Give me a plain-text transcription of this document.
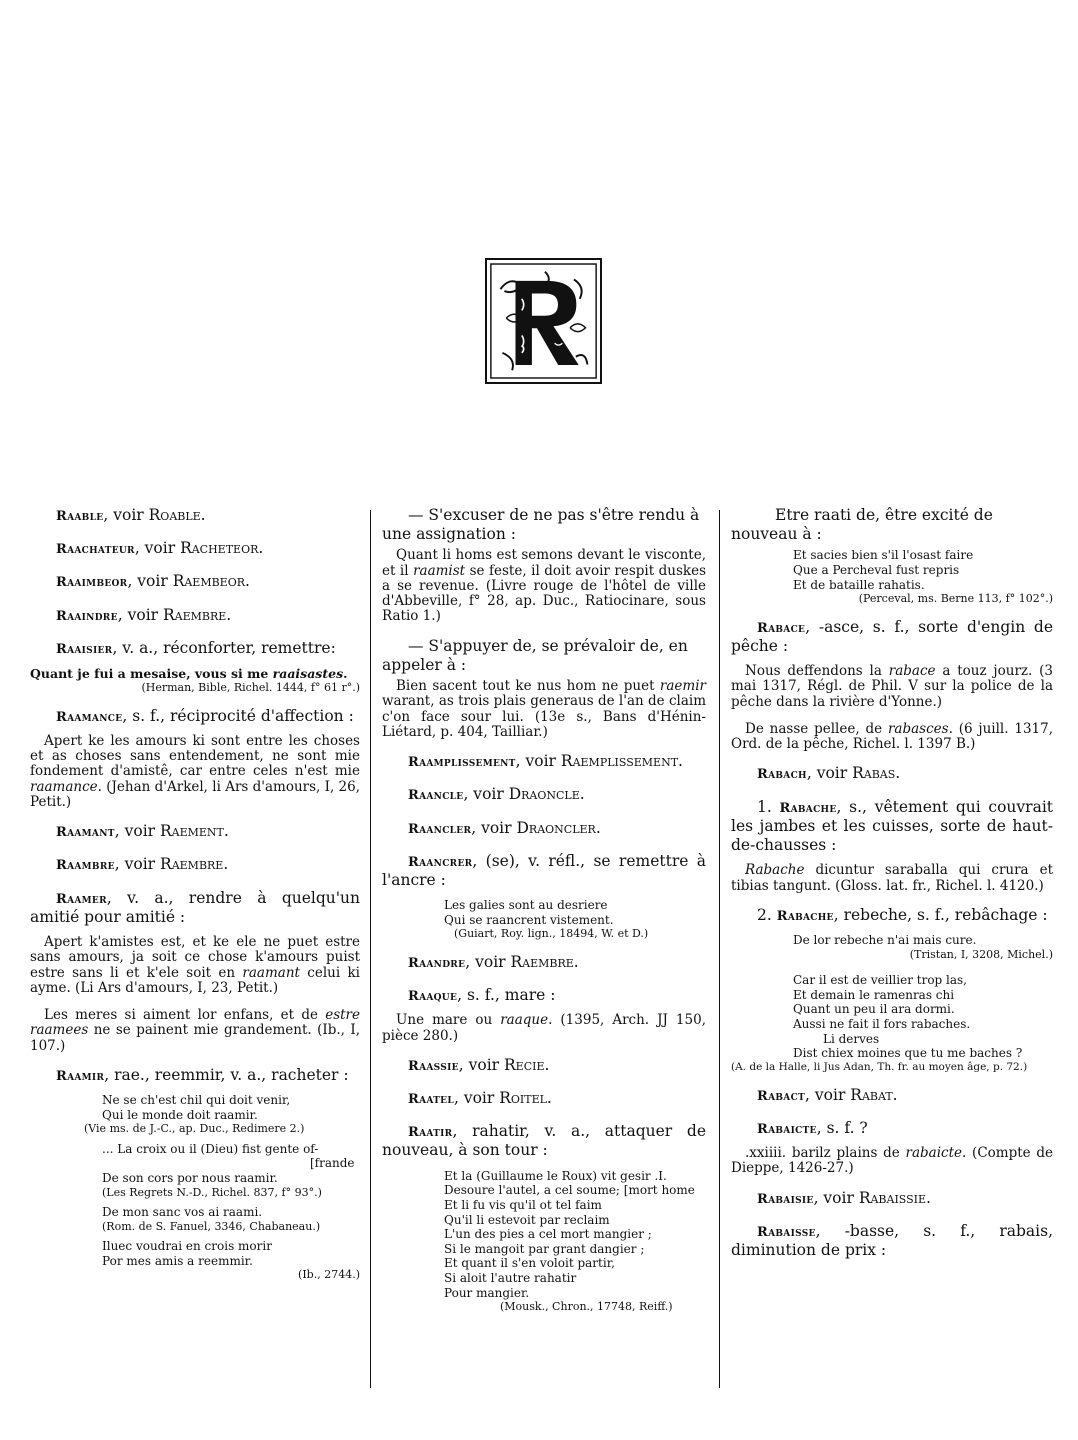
Raable, voir Roable.

Raachateur, voir Racheteor.

Raaimbeor, voir Raembeor.

Raaindre, voir Raembre.

Raaisier, v. a., réconforter, remettre:

Quant je fui a mesaise, vous si me raaisastes.
(Herman, Bible, Richel. 1444, f° 61 r°.)

Raamance, s. f., réciprocité d'affection :

Apert ke les amours ki sont entre les choses et as choses sans entendement, ne sont mie fondement d'amistê, car entre celes n'est mie raamance. (Jehan d'Arkel, li Ars d'amours, I, 26, Petit.)

Raamant, voir Raement.

Raambre, voir Raembre.

Raamer, v. a., rendre à quelqu'un amitié pour amitié :

Apert k'amistes est, et ke ele ne puet estre sans amours, ja soit ce chose k'amours puist estre sans li et k'ele soit en raamant celui ki ayme. (Li Ars d'amours, I, 23, Petit.)

Les meres si aiment lor enfans, et de estre raamees ne se painent mie grandement. (Ib., I, 107.)

Raamir, rae., reemmir, v. a., racheter :

Ne se ch'est chil qui doit venir,
Qui le monde doit raamir.
(Vie ms. de J.-C., ap. Duc., Redimere 2.)
... La croix ou il (Dieu) fist gente of-
[frande
De son cors por nous raamir.
(Les Regrets N.-D., Richel. 837, f° 93°.)
De mon sanc vos ai raami.
(Rom. de S. Fanuel, 3346, Chabaneau.)
Iluec voudrai en crois morir
Por mes amis a reemmir.
(Ib., 2744.)

— S'excuser de ne pas s'être rendu à une assignation :

Quant li homs est semons devant le visconte, et il raamist se feste, il doit avoir respit duskes a se revenue. (Livre rouge de l'hôtel de ville d'Abbeville, f° 28, ap. Duc., Ratiocinare, sous Ratio 1.)

— S'appuyer de, se prévaloir de, en appeler à :

Bien sacent tout ke nus hom ne puet raemir warant, as trois plais generaus de l'an de claim c'on face sour lui. (13e s., Bans d'Hénin-Liétard, p. 404, Tailliar.)

Raamplissement, voir Raemplissement.

Raancle, voir Draoncle.

Raancler, voir Draoncler.

Raancrer, (se), v. réfl., se remettre à l'ancre :

Les galies sont au desriere
Qui se raancrent vistement.
(Guiart, Roy. lign., 18494, W. et D.)

Raandre, voir Raembre.

Raaque, s. f., mare :

Une mare ou raaque. (1395, Arch. JJ 150, pièce 280.)

Raassie, voir Recie.

Raatel, voir Roitel.

Raatir, rahatir, v. a., attaquer de nouveau, à son tour :

Et la (Guillaume le Roux) vit gesir .I.
Desoure l'autel, a cel soume; [mort home
Et li fu vis qu'il ot tel faim
Qu'il li estevoit par reclaim
L'un des pies a cel mort mangier ;
Si le mangoit par grant dangier ;
Et quant il s'en voloit partir,
Si aloit l'autre rahatir
Pour mangier.
(Mousk., Chron., 17748, Reiff.)

Etre raati de, être excité de nouveau à :

Et sacies bien s'il l'osast faire
Que a Percheval fust repris
Et de bataille rahatis.
(Perceval, ms. Berne 113, f° 102°.)

Rabace, -asce, s. f., sorte d'engin de pêche :

Nous deffendons la rabace a touz jourz. (3 mai 1317, Régl. de Phil. V sur la police de la pêche dans la rivière d'Yonne.)

De nasse pellee, de rabasces. (6 juill. 1317, Ord. de la pêche, Richel. l. 1397 B.)

Rabach, voir Rabas.

1. Rabache, s., vêtement qui couvrait les jambes et les cuisses, sorte de haut-de-chausses :

Rabache dicuntur saraballa qui crura et tibias tangunt. (Gloss. lat. fr., Richel. l. 4120.)

2. Rabache, rebeche, s. f., rebâchage :

De lor rebeche n'ai mais cure.
(Tristan, I, 3208, Michel.)
Car il est de veillier trop las,
Et demain le ramenras chi
Quant un peu il ara dormi.
Aussi ne fait il fors rabaches.
Li derves
Dist chiex moines que tu me baches ?
(A. de la Halle, li Jus Adan, Th. fr. au moyen âge, p. 72.)

Rabact, voir Rabat.

Rabaicte, s. f. ?

.xxiiii. barilz plains de rabaicte. (Compte de Dieppe, 1426-27.)

Rabaisie, voir Rabaissie.

Rabaisse, -basse, s. f., rabais, diminution de prix :
